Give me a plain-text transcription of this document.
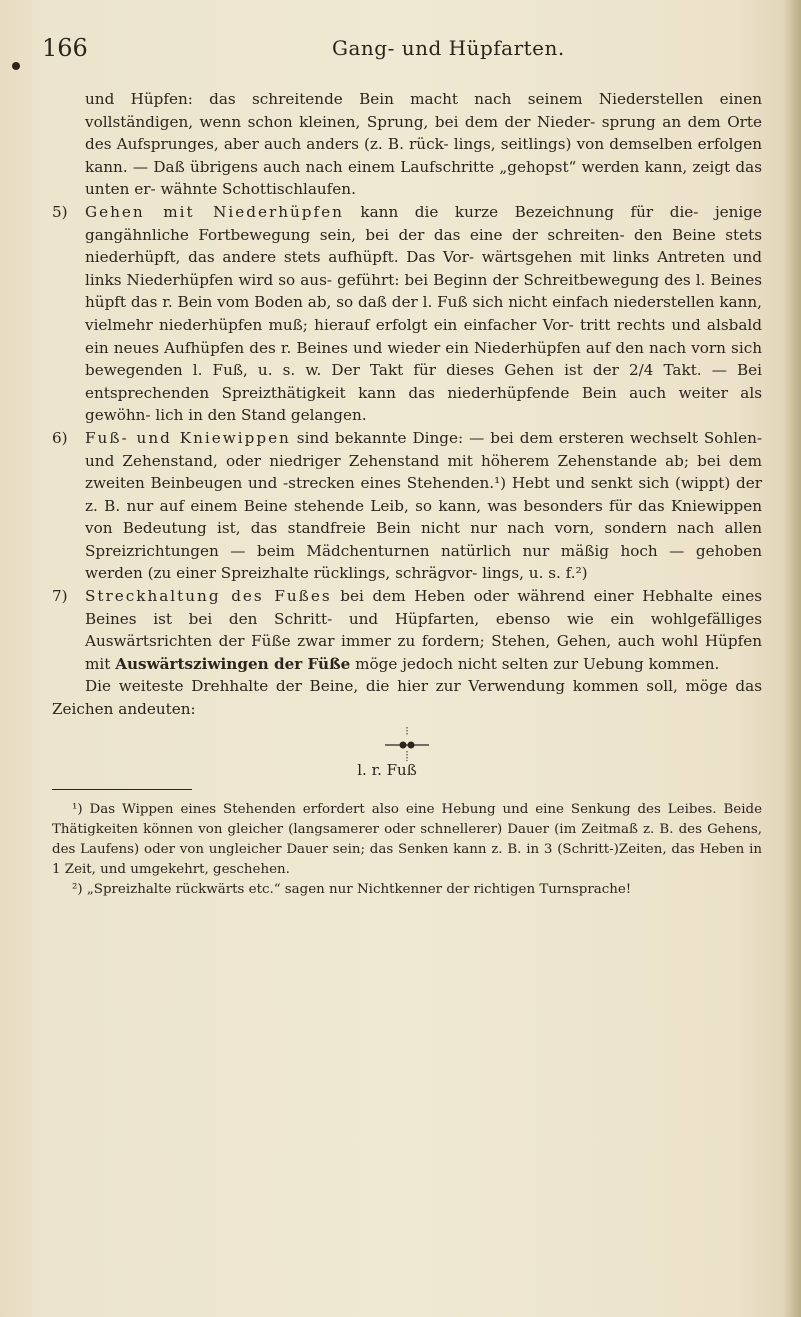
166	Gang- und Hüpfarten.

und Hüpfen: das schreitende Bein macht nach seinem Niederstellen einen vollständigen, wenn schon kleinen, Sprung, bei dem der Nieder- sprung an dem Orte des Aufsprunges, aber auch anders (z. B. rück- lings, seitlings) von demselben erfolgen kann. — Daß übrigens auch nach einem Laufschritte „gehopst“ werden kann, zeigt das unten er- wähnte Schottischlaufen.

5) Gehen mit Niederhüpfen kann die kurze Bezeichnung für die- jenige gangähnliche Fortbewegung sein, bei der das eine der schreiten- den Beine stets niederhüpft, das andere stets aufhüpft. Das Vor- wärtsgehen mit links Antreten und links Niederhüpfen wird so aus- geführt: bei Beginn der Schreitbewegung des l. Beines hüpft das r. Bein vom Boden ab, so daß der l. Fuß sich nicht einfach niederstellen kann, vielmehr niederhüpfen muß; hierauf erfolgt ein einfacher Vor- tritt rechts und alsbald ein neues Aufhüpfen des r. Beines und wieder ein Niederhüpfen auf den nach vorn sich bewegenden l. Fuß, u. s. w. Der Takt für dieses Gehen ist der 2/4 Takt. — Bei entsprechenden Spreizthätigkeit kann das niederhüpfende Bein auch weiter als gewöhn- lich in den Stand gelangen.
6) Fuß- und Kniewippen sind bekannte Dinge: — bei dem ersteren wechselt Sohlen- und Zehenstand, oder niedriger Zehenstand mit höherem Zehenstande ab; bei dem zweiten Beinbeugen und -strecken eines Stehenden.¹) Hebt und senkt sich (wippt) der z. B. nur auf einem Beine stehende Leib, so kann, was besonders für das Kniewippen von Bedeutung ist, das standfreie Bein nicht nur nach vorn, sondern nach allen Spreizrichtungen — beim Mädchenturnen natürlich nur mäßig hoch — gehoben werden (zu einer Spreizhalte rücklings, schrägvor- lings, u. s. f.²)
7) Streckhaltung des Fußes bei dem Heben oder während einer Hebhalte eines Beines ist bei den Schritt- und Hüpfarten, ebenso wie ein wohlgefälliges Auswärtsrichten der Füße zwar immer zu fordern; Stehen, Gehen, auch wohl Hüpfen mit Auswärtsziwingen der Füße möge jedoch nicht selten zur Uebung kommen.

Die weiteste Drehhalte der Beine, die hier zur Verwendung kommen soll, möge das Zeichen andeuten:

l. r. Fuß

¹) Das Wippen eines Stehenden erfordert also eine Hebung und eine Senkung des Leibes. Beide Thätigkeiten können von gleicher (langsamerer oder schnellerer) Dauer (im Zeitmaß z. B. des Gehens, des Laufens) oder von ungleicher Dauer sein; das Senken kann z. B. in 3 (Schritt-)Zeiten, das Heben in 1 Zeit, und umgekehrt, geschehen.

²) „Spreizhalte rückwärts etc.“ sagen nur Nichtkenner der richtigen Turnsprache!
